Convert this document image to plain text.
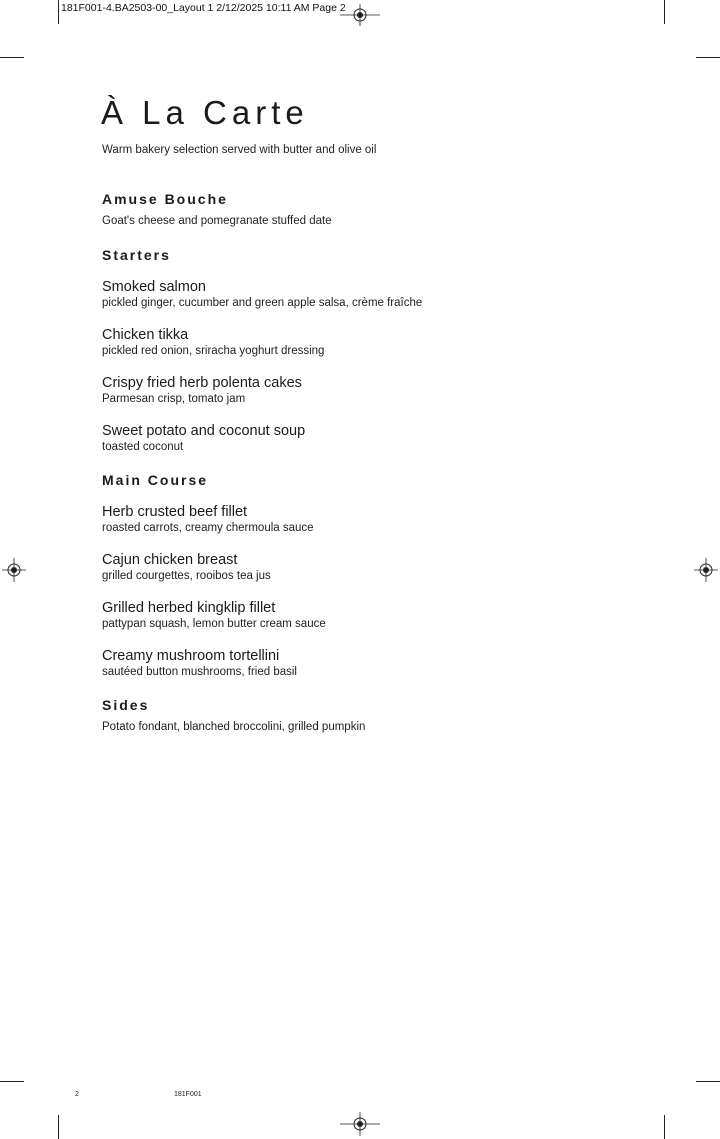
181F001-4.BA2503-00_Layout 1 2/12/2025 10:11 AM Page 2
À La Carte
Warm bakery selection served with butter and olive oil
Amuse Bouche

Goat's cheese and pomegranate stuffed date

Starters
Smoked salmon
pickled ginger, cucumber and green apple salsa, crème fraîche
Chicken tikka
pickled red onion, sriracha yoghurt dressing
Crispy fried herb polenta cakes
Parmesan crisp, tomato jam
Sweet potato and coconut soup
toasted coconut
Main Course
Herb crusted beef fillet
roasted carrots, creamy chermoula sauce
Cajun chicken breast
grilled courgettes, rooibos tea jus
Grilled herbed kingklip fillet
pattypan squash, lemon butter cream sauce
Creamy mushroom tortellini
sautéed button mushrooms, fried basil
Sides

Potato fondant, blanched broccolini, grilled pumpkin

2	181F001
